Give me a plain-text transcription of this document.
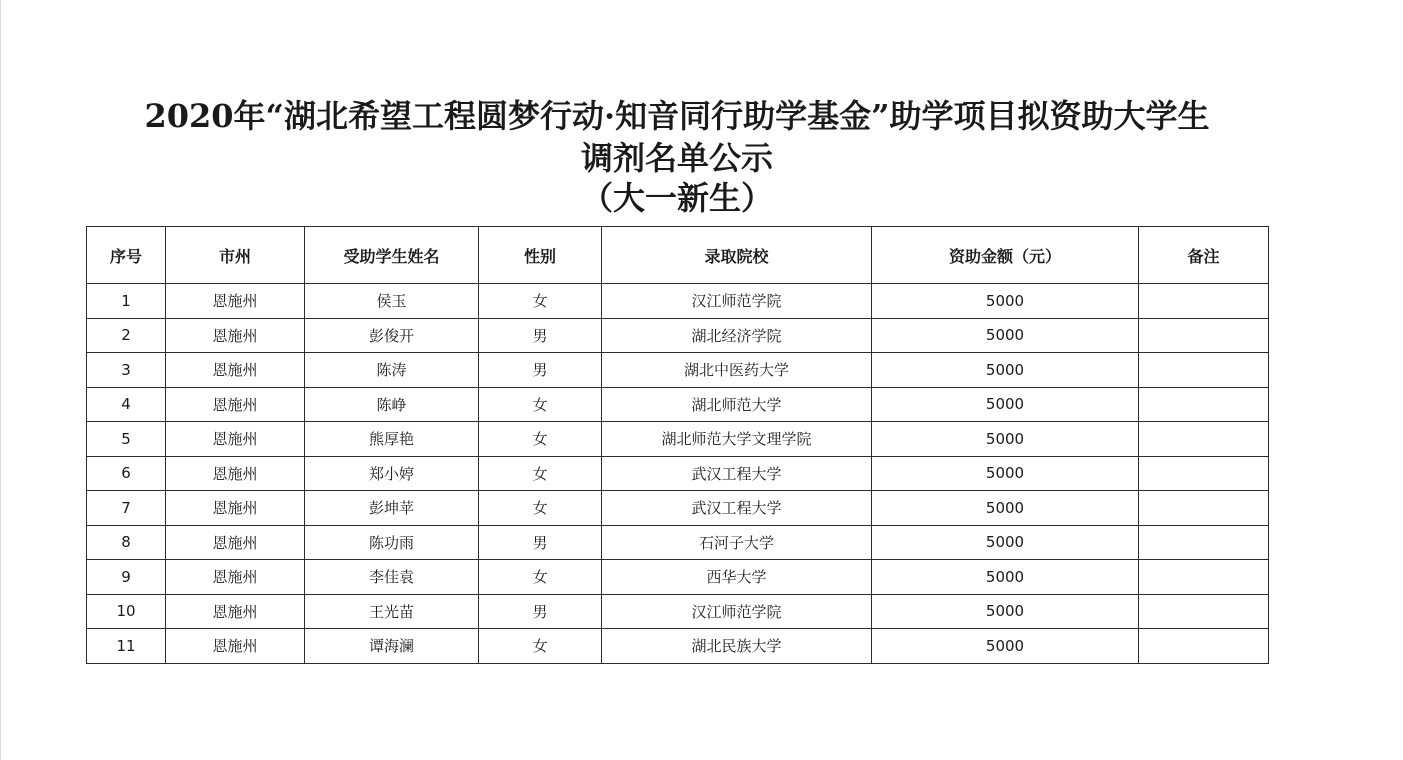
2020年“湖北希望工程圆梦行动·知音同行助学基金”助学项目拟资助大学生
调剂名单公示
（大一新生）
序号	市州	受助学生姓名	性别	录取院校	资助金额（元）	备注
1	恩施州	侯玉	女	汉江师范学院	5000	
2	恩施州	彭俊开	男	湖北经济学院	5000	
3	恩施州	陈涛	男	湖北中医药大学	5000	
4	恩施州	陈峥	女	湖北师范大学	5000	
5	恩施州	熊厚艳	女	湖北师范大学文理学院	5000	
6	恩施州	郑小婷	女	武汉工程大学	5000	
7	恩施州	彭坤苹	女	武汉工程大学	5000	
8	恩施州	陈功雨	男	石河子大学	5000	
9	恩施州	李佳袁	女	西华大学	5000	
10	恩施州	王光苗	男	汉江师范学院	5000	
11	恩施州	谭海澜	女	湖北民族大学	5000	
